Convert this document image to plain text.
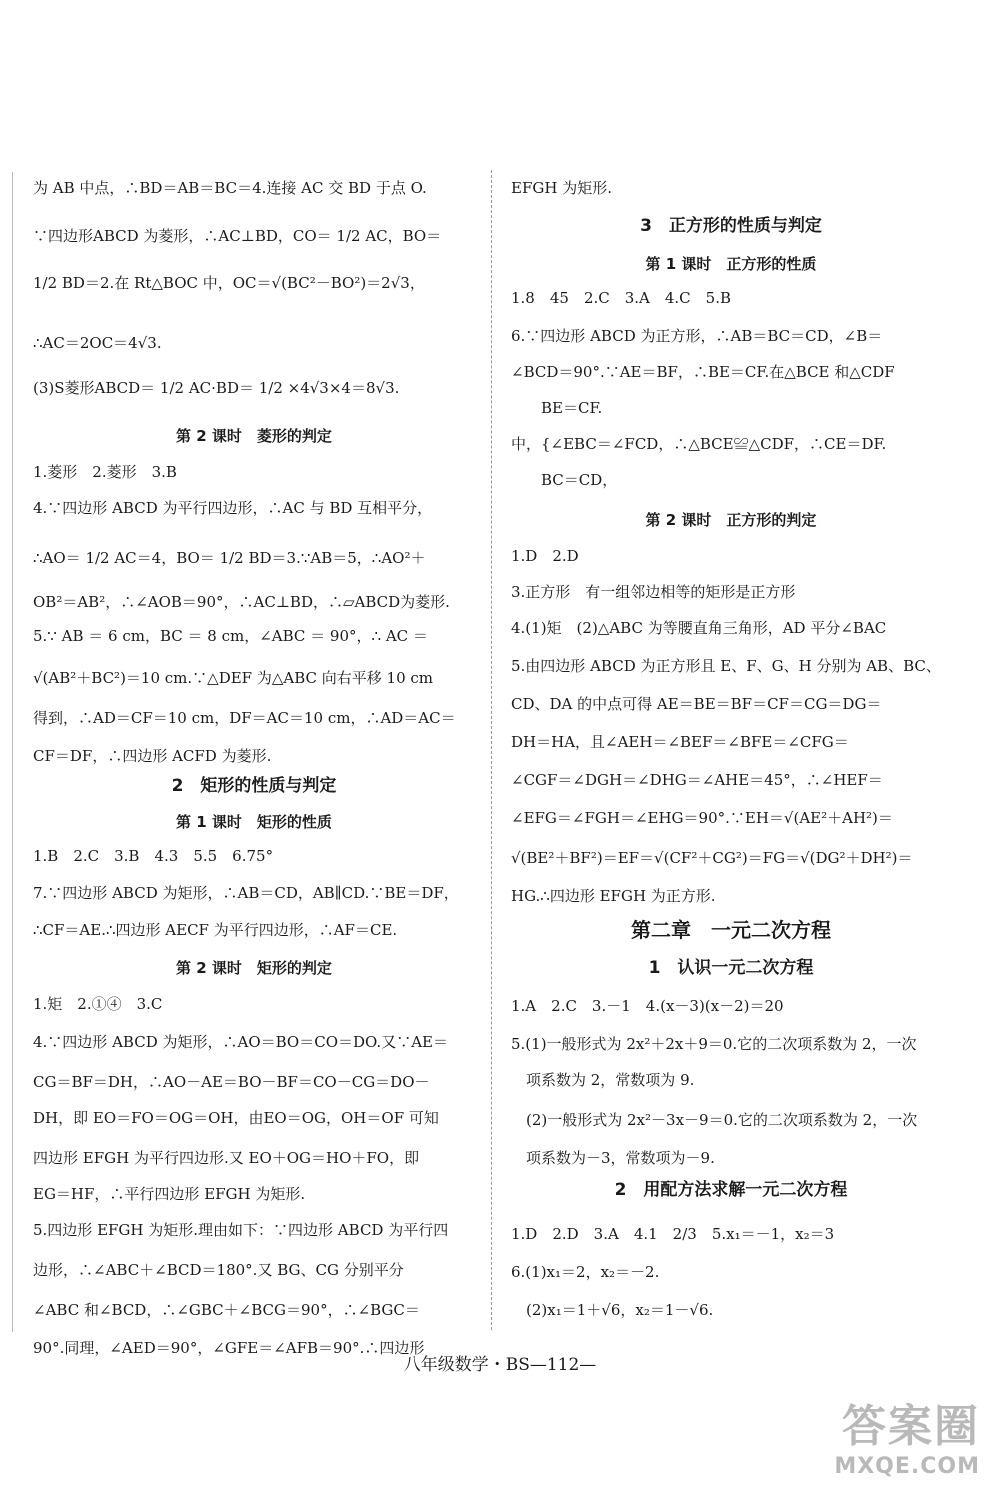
为 AB 中点，∴BD＝AB＝BC＝4.连接 AC 交 BD 于点 O.
∵四边形ABCD 为菱形，∴AC⊥BD，CO＝ 1/2 AC，BO＝
1/2 BD＝2.在 Rt△BOC 中，OC＝√(BC²－BO²)＝2√3，
∴AC＝2OC＝4√3.
(3)S菱形ABCD＝ 1/2 AC·BD＝ 1/2 ×4√3×4＝8√3.
第 2 课时　菱形的判定
1.菱形　2.菱形　3.B
4.∵四边形 ABCD 为平行四边形，∴AC 与 BD 互相平分，
∴AO＝ 1/2 AC＝4，BO＝ 1/2 BD＝3.∵AB＝5，∴AO²＋
OB²＝AB²，∴∠AOB＝90°，∴AC⊥BD，∴▱ABCD为菱形.
5.∵ AB ＝ 6 cm，BC ＝ 8 cm，∠ABC ＝ 90°，∴ AC ＝
√(AB²＋BC²)＝10 cm.∵△DEF 为△ABC 向右平移 10 cm
得到，∴AD＝CF＝10 cm，DF＝AC＝10 cm，∴AD＝AC＝
CF＝DF，∴四边形 ACFD 为菱形.
2　矩形的性质与判定
第 1 课时　矩形的性质
1.B　2.C　3.B　4.3　5.5　6.75°
7.∵四边形 ABCD 为矩形，∴AB＝CD，AB∥CD.∵BE＝DF，
∴CF＝AE.∴四边形 AECF 为平行四边形，∴AF＝CE.
第 2 课时　矩形的判定
1.矩　2.①④　3.C
4.∵四边形 ABCD 为矩形，∴AO＝BO＝CO＝DO.又∵AE＝
CG＝BF＝DH，∴AO－AE＝BO－BF＝CO－CG＝DO－
DH，即 EO＝FO＝OG＝OH，由EO＝OG，OH＝OF 可知
四边形 EFGH 为平行四边形.又 EO＋OG＝HO＋FO，即
EG＝HF，∴平行四边形 EFGH 为矩形.
5.四边形 EFGH 为矩形.理由如下：∵四边形 ABCD 为平行四
边形，∴∠ABC＋∠BCD＝180°.又 BG、CG 分别平分
∠ABC 和∠BCD，∴∠GBC＋∠BCG＝90°，∴∠BGC＝
90°.同理，∠AED＝90°，∠GFE＝∠AFB＝90°.∴四边形
EFGH 为矩形.
3　正方形的性质与判定
第 1 课时　正方形的性质
1.8　45　2.C　3.A　4.C　5.B
6.∵四边形 ABCD 为正方形，∴AB＝BC＝CD，∠B＝
∠BCD＝90°.∵AE＝BF，∴BE＝CF.在△BCE 和△CDF
　　BE＝CF.
中，{∠EBC＝∠FCD，∴△BCE≌△CDF，∴CE＝DF.
　　BC＝CD，
第 2 课时　正方形的判定
1.D　2.D
3.正方形　有一组邻边相等的矩形是正方形
4.(1)矩　(2)△ABC 为等腰直角三角形，AD 平分∠BAC
5.由四边形 ABCD 为正方形且 E、F、G、H 分别为 AB、BC、
CD、DA 的中点可得 AE＝BE＝BF＝CF＝CG＝DG＝
DH＝HA，且∠AEH＝∠BEF＝∠BFE＝∠CFG＝
∠CGF＝∠DGH＝∠DHG＝∠AHE＝45°，∴∠HEF＝
∠EFG＝∠FGH＝∠EHG＝90°.∵EH＝√(AE²＋AH²)＝
√(BE²＋BF²)＝EF＝√(CF²＋CG²)＝FG＝√(DG²＋DH²)＝
HG.∴四边形 EFGH 为正方形.
第二章　一元二次方程
1　认识一元二次方程
1.A　2.C　3.－1　4.(x－3)(x－2)＝20
5.(1)一般形式为 2x²＋2x＋9＝0.它的二次项系数为 2，一次
　项系数为 2，常数项为 9.
　(2)一般形式为 2x²－3x－9＝0.它的二次项系数为 2，一次
　项系数为－3，常数项为－9.
2　用配方法求解一元二次方程
1.D　2.D　3.A　4.1　2/3　5.x₁＝－1，x₂＝3
6.(1)x₁＝2，x₂＝－2.
　(2)x₁＝1＋√6，x₂＝1－√6.
八年级数学・BS—112—
答案圈
MXQE.COM
